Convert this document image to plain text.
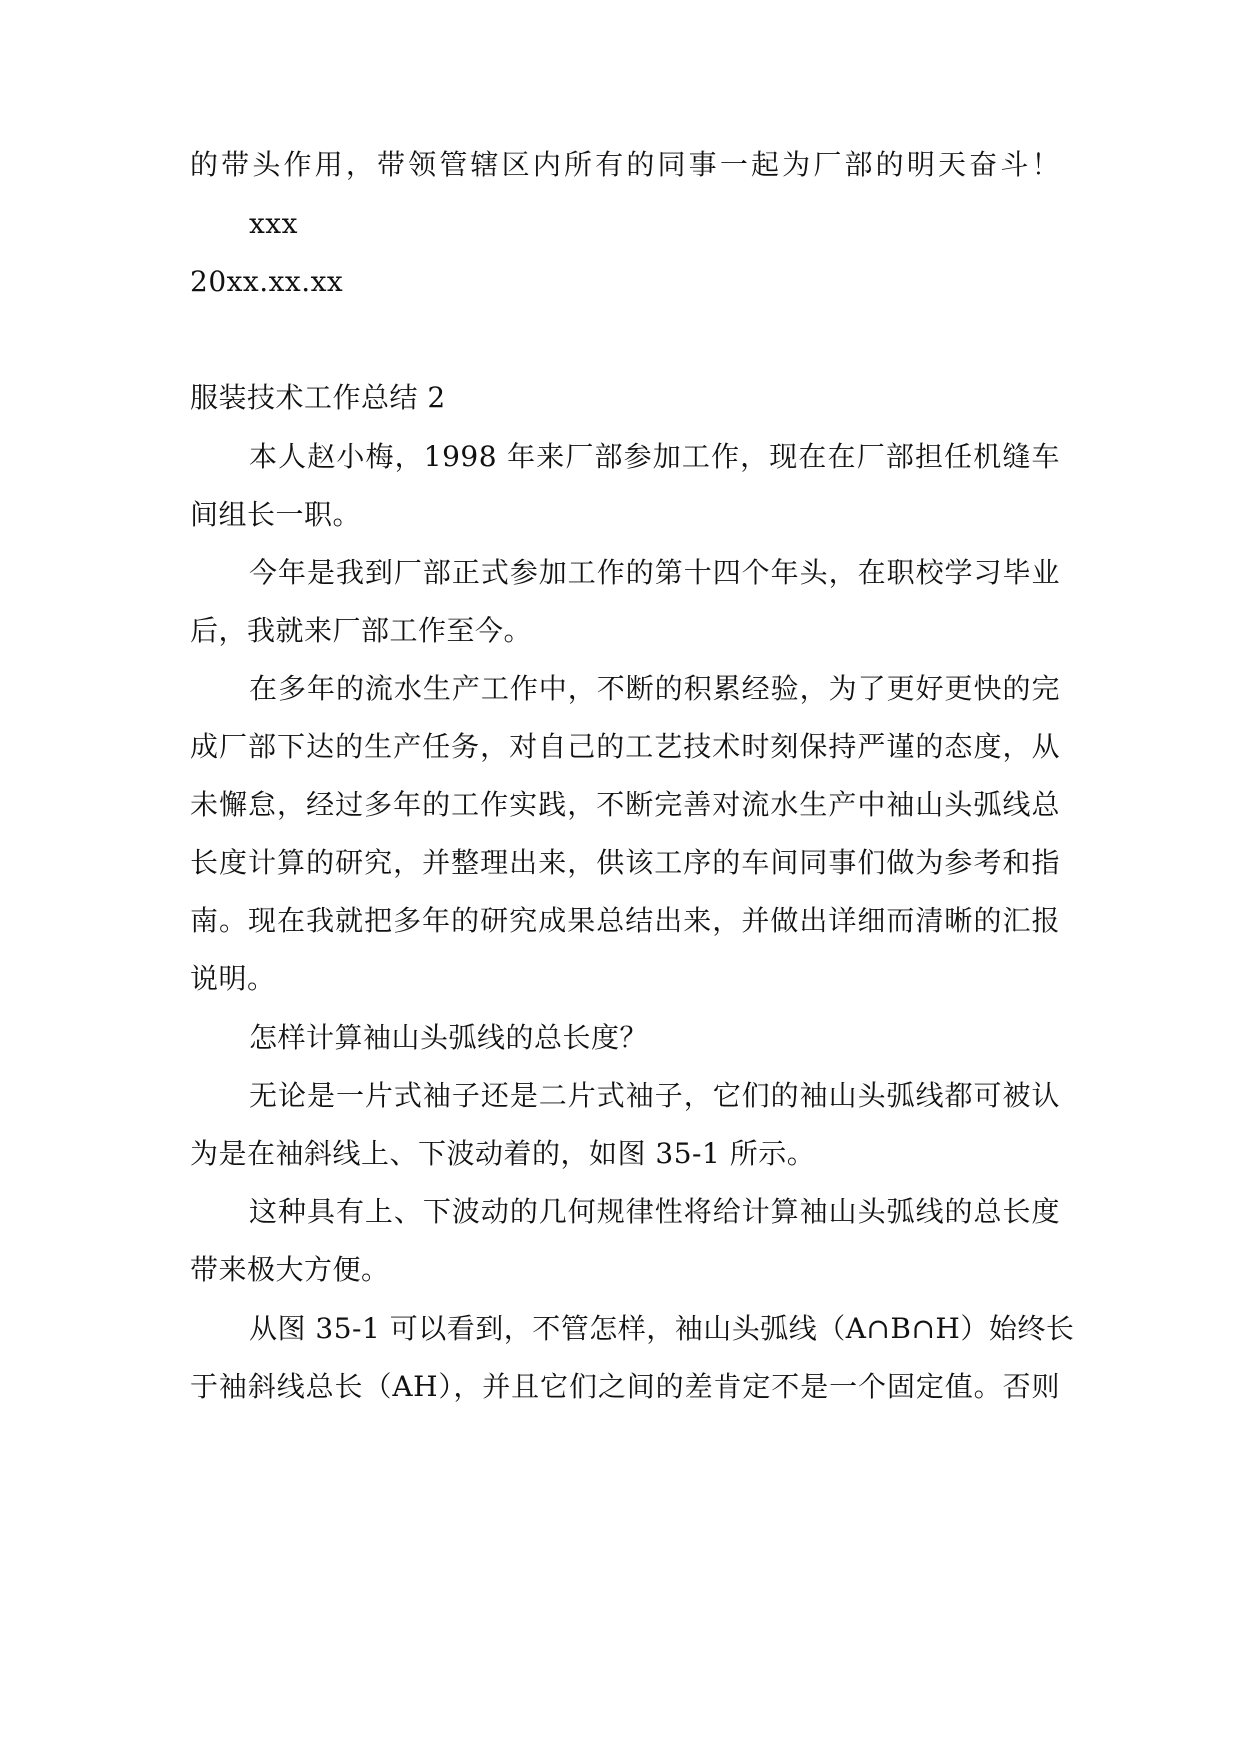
的带头作用，带领管辖区内所有的同事一起为厂部的明天奋斗！
xxx
20xx.xx.xx
服装技术工作总结 2
本人赵小梅，1998 年来厂部参加工作，现在在厂部担任机缝车
间组长一职。
今年是我到厂部正式参加工作的第十四个年头，在职校学习毕业
后，我就来厂部工作至今。
在多年的流水生产工作中，不断的积累经验，为了更好更快的完
成厂部下达的生产任务，对自己的工艺技术时刻保持严谨的态度，从
未懈怠，经过多年的工作实践，不断完善对流水生产中袖山头弧线总
长度计算的研究，并整理出来，供该工序的车间同事们做为参考和指
南。现在我就把多年的研究成果总结出来，并做出详细而清晰的汇报
说明。
怎样计算袖山头弧线的总长度？
无论是一片式袖子还是二片式袖子，它们的袖山头弧线都可被认
为是在袖斜线上、下波动着的，如图 35-1 所示。
这种具有上、下波动的几何规律性将给计算袖山头弧线的总长度
带来极大方便。
从图 35-1 可以看到，不管怎样，袖山头弧线（A∩B∩H）始终长
于袖斜线总长（AH），并且它们之间的差肯定不是一个固定值。否则
